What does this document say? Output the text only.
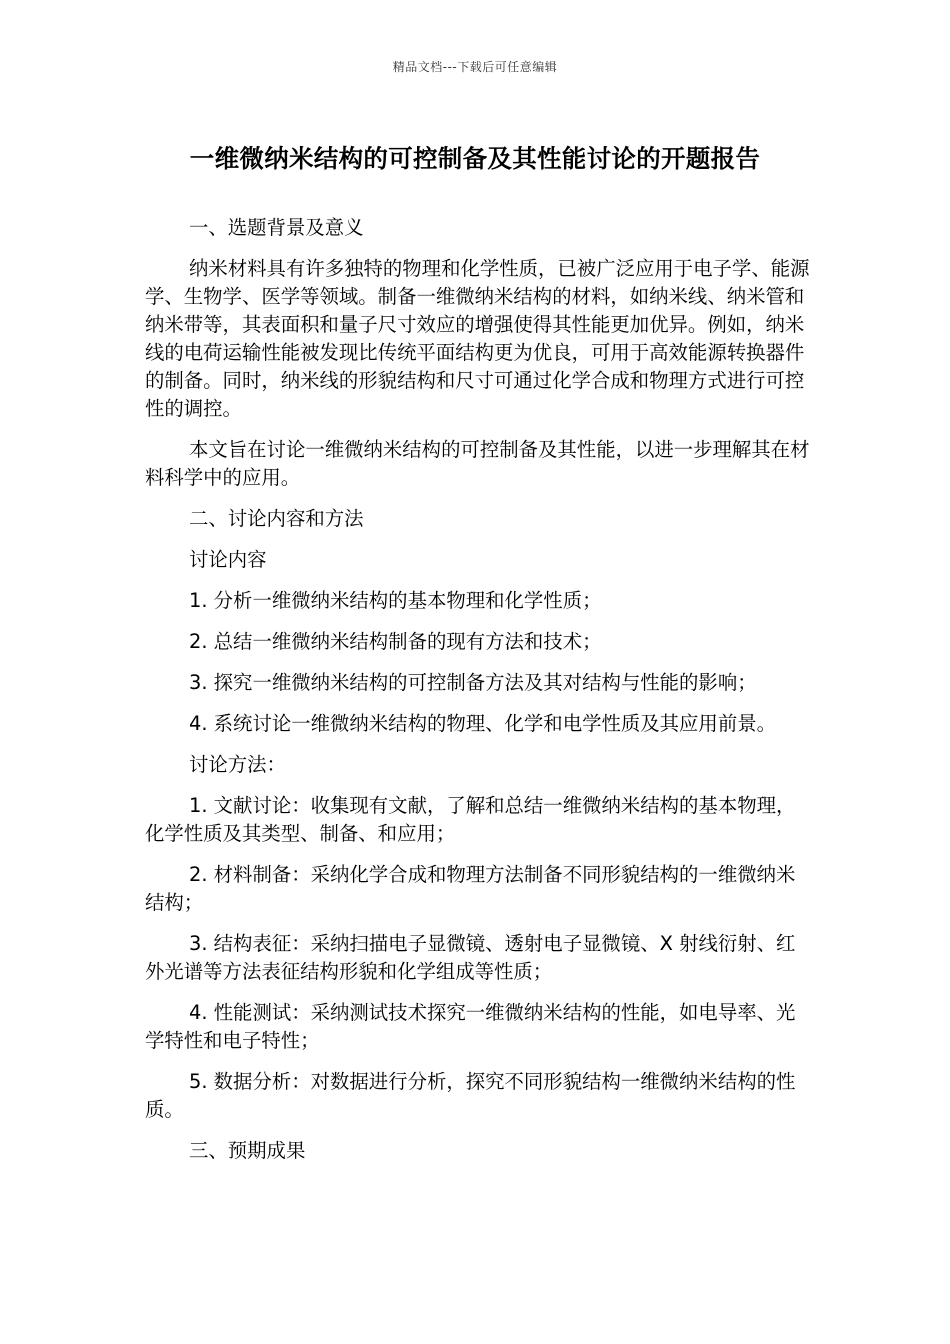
精品文档---下载后可任意编辑
一维微纳米结构的可控制备及其性能讨论的开题报告

一、选题背景及意义

纳米材料具有许多独特的物理和化学性质，已被广泛应用于电子学、能源学、生物学、医学等领域。制备一维微纳米结构的材料，如纳米线、纳米管和纳米带等，其表面积和量子尺寸效应的增强使得其性能更加优异。例如，纳米线的电荷运输性能被发现比传统平面结构更为优良，可用于高效能源转换器件的制备。同时，纳米线的形貌结构和尺寸可通过化学合成和物理方式进行可控性的调控。

本文旨在讨论一维微纳米结构的可控制备及其性能，以进一步理解其在材料科学中的应用。

二、讨论内容和方法

讨论内容

1. 分析一维微纳米结构的基本物理和化学性质；

2. 总结一维微纳米结构制备的现有方法和技术；

3. 探究一维微纳米结构的可控制备方法及其对结构与性能的影响；

4. 系统讨论一维微纳米结构的物理、化学和电学性质及其应用前景。

讨论方法：

1. 文献讨论：收集现有文献，了解和总结一维微纳米结构的基本物理，化学性质及其类型、制备、和应用；

2. 材料制备：采纳化学合成和物理方法制备不同形貌结构的一维微纳米结构；

3. 结构表征：采纳扫描电子显微镜、透射电子显微镜、X 射线衍射、红外光谱等方法表征结构形貌和化学组成等性质；

4. 性能测试：采纳测试技术探究一维微纳米结构的性能，如电导率、光学特性和电子特性；

5. 数据分析：对数据进行分析，探究不同形貌结构一维微纳米结构的性质。

三、预期成果
